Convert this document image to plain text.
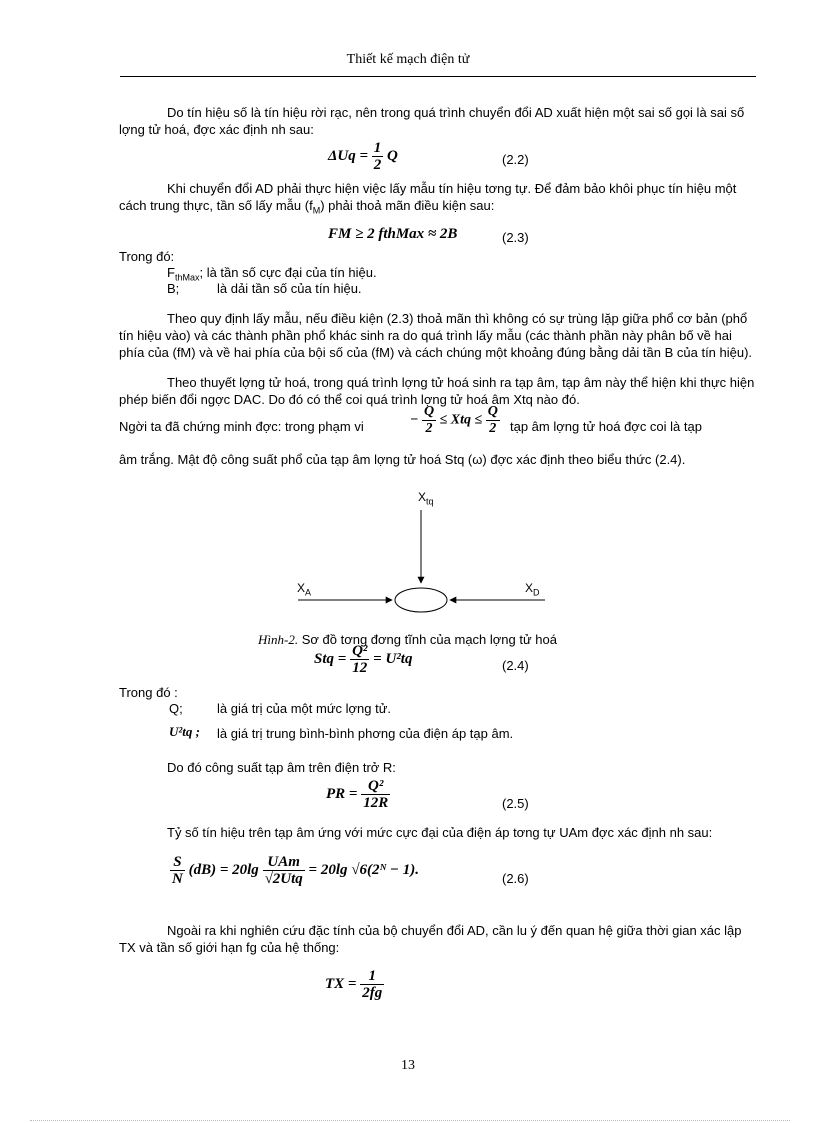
Thiết kế mạch điện tử
Do tín hiệu số là tín hiệu rời rạc, nên trong quá trình chuyển đổi AD xuất hiện một sai số gọi là sai số lợng tử hoá, đợc xác định nh sau:
$\Delta Uq = \frac{1}{2}$ Q	(2.2)
Khi chuyển đổi AD phải thực hiện việc lấy mẫu tín hiệu tơng tự. Để đảm bảo khôi phục tín hiệu một cách trung thực, tần số lấy mẫu $(f_M)$ phải thoả mãn điều kiện sau:
FM ≥ 2 fthMax ≈ 2B	(2.3)
Trong đó:
$F_{thMax}$; là tần số cực đại của tín hiệu.
B;	là dải tần số của tín hiệu.
Theo quy định lấy mẫu, nếu điều kiện (2.3) thoả mãn thì không có sự trùng lặp giữa phổ cơ bản (phổ tín hiệu vào) và các thành phần phổ khác sinh ra do quá trình lấy mẫu (các thành phần này phân bố về hai phía của (fM) và về hai phía của bội số của (fM) và cách chúng một khoảng đúng bằng dải tần B của tín hiệu).
Theo thuyết lợng tử hoá, trong quá trình lợng tử hoá sinh ra tạp âm, tạp âm này thể hiện khi thực hiện phép biến đổi ngợc DAC. Do đó có thể coi quá trình lợng tử hoá âm Xtq nào đó.
Ngời ta đã chứng minh đợc: trong phạm vi	− $\frac{Q}{2}$ ≤ Xtq ≤ $\frac{Q}{2}$ tạp âm lợng tử hoá đợc coi là tạp
âm trắng. Mật độ công suất phổ của tạp âm lợng tử hoá Stq (ω) đợc xác định theo biểu thức (2.4).
$X_{tq}$
$X_A$	$X_D$
Hình-2. Sơ đồ tơng đơng tĩnh của mạch lợng tử hoá
Stq = $\frac{\text{Q²}}{12} = U^2tq$	(2.4)
Trong đó :
Q;	là giá trị của một mức lợng tử.
U²tq ; là giá trị trung bình-bình phơng của điện áp tạp âm.
Do đó công suất tạp âm trên điện trở R:
PR = $\frac{\text{Q²}}{12R}$	(2.5)
Tỷ số tín hiệu trên tạp âm ứng với mức cực đại của điện áp tơng tự UAm đợc xác định nh sau:
$\frac{S}{N} (dB) = 20\lg \frac{\text{UAm}}{\text{√2Utq}} = 20\lg$ √6(2ᴺ − 1).
(2.6)
Ngoài ra khi nghiên cứu đặc tính của bộ chuyển đổi AD, cần lu ý đến quan hệ giữa thời gian xác lập TX và tần số giới hạn fg của hệ thống:
TX = $\frac{1}{2fg}$
13
